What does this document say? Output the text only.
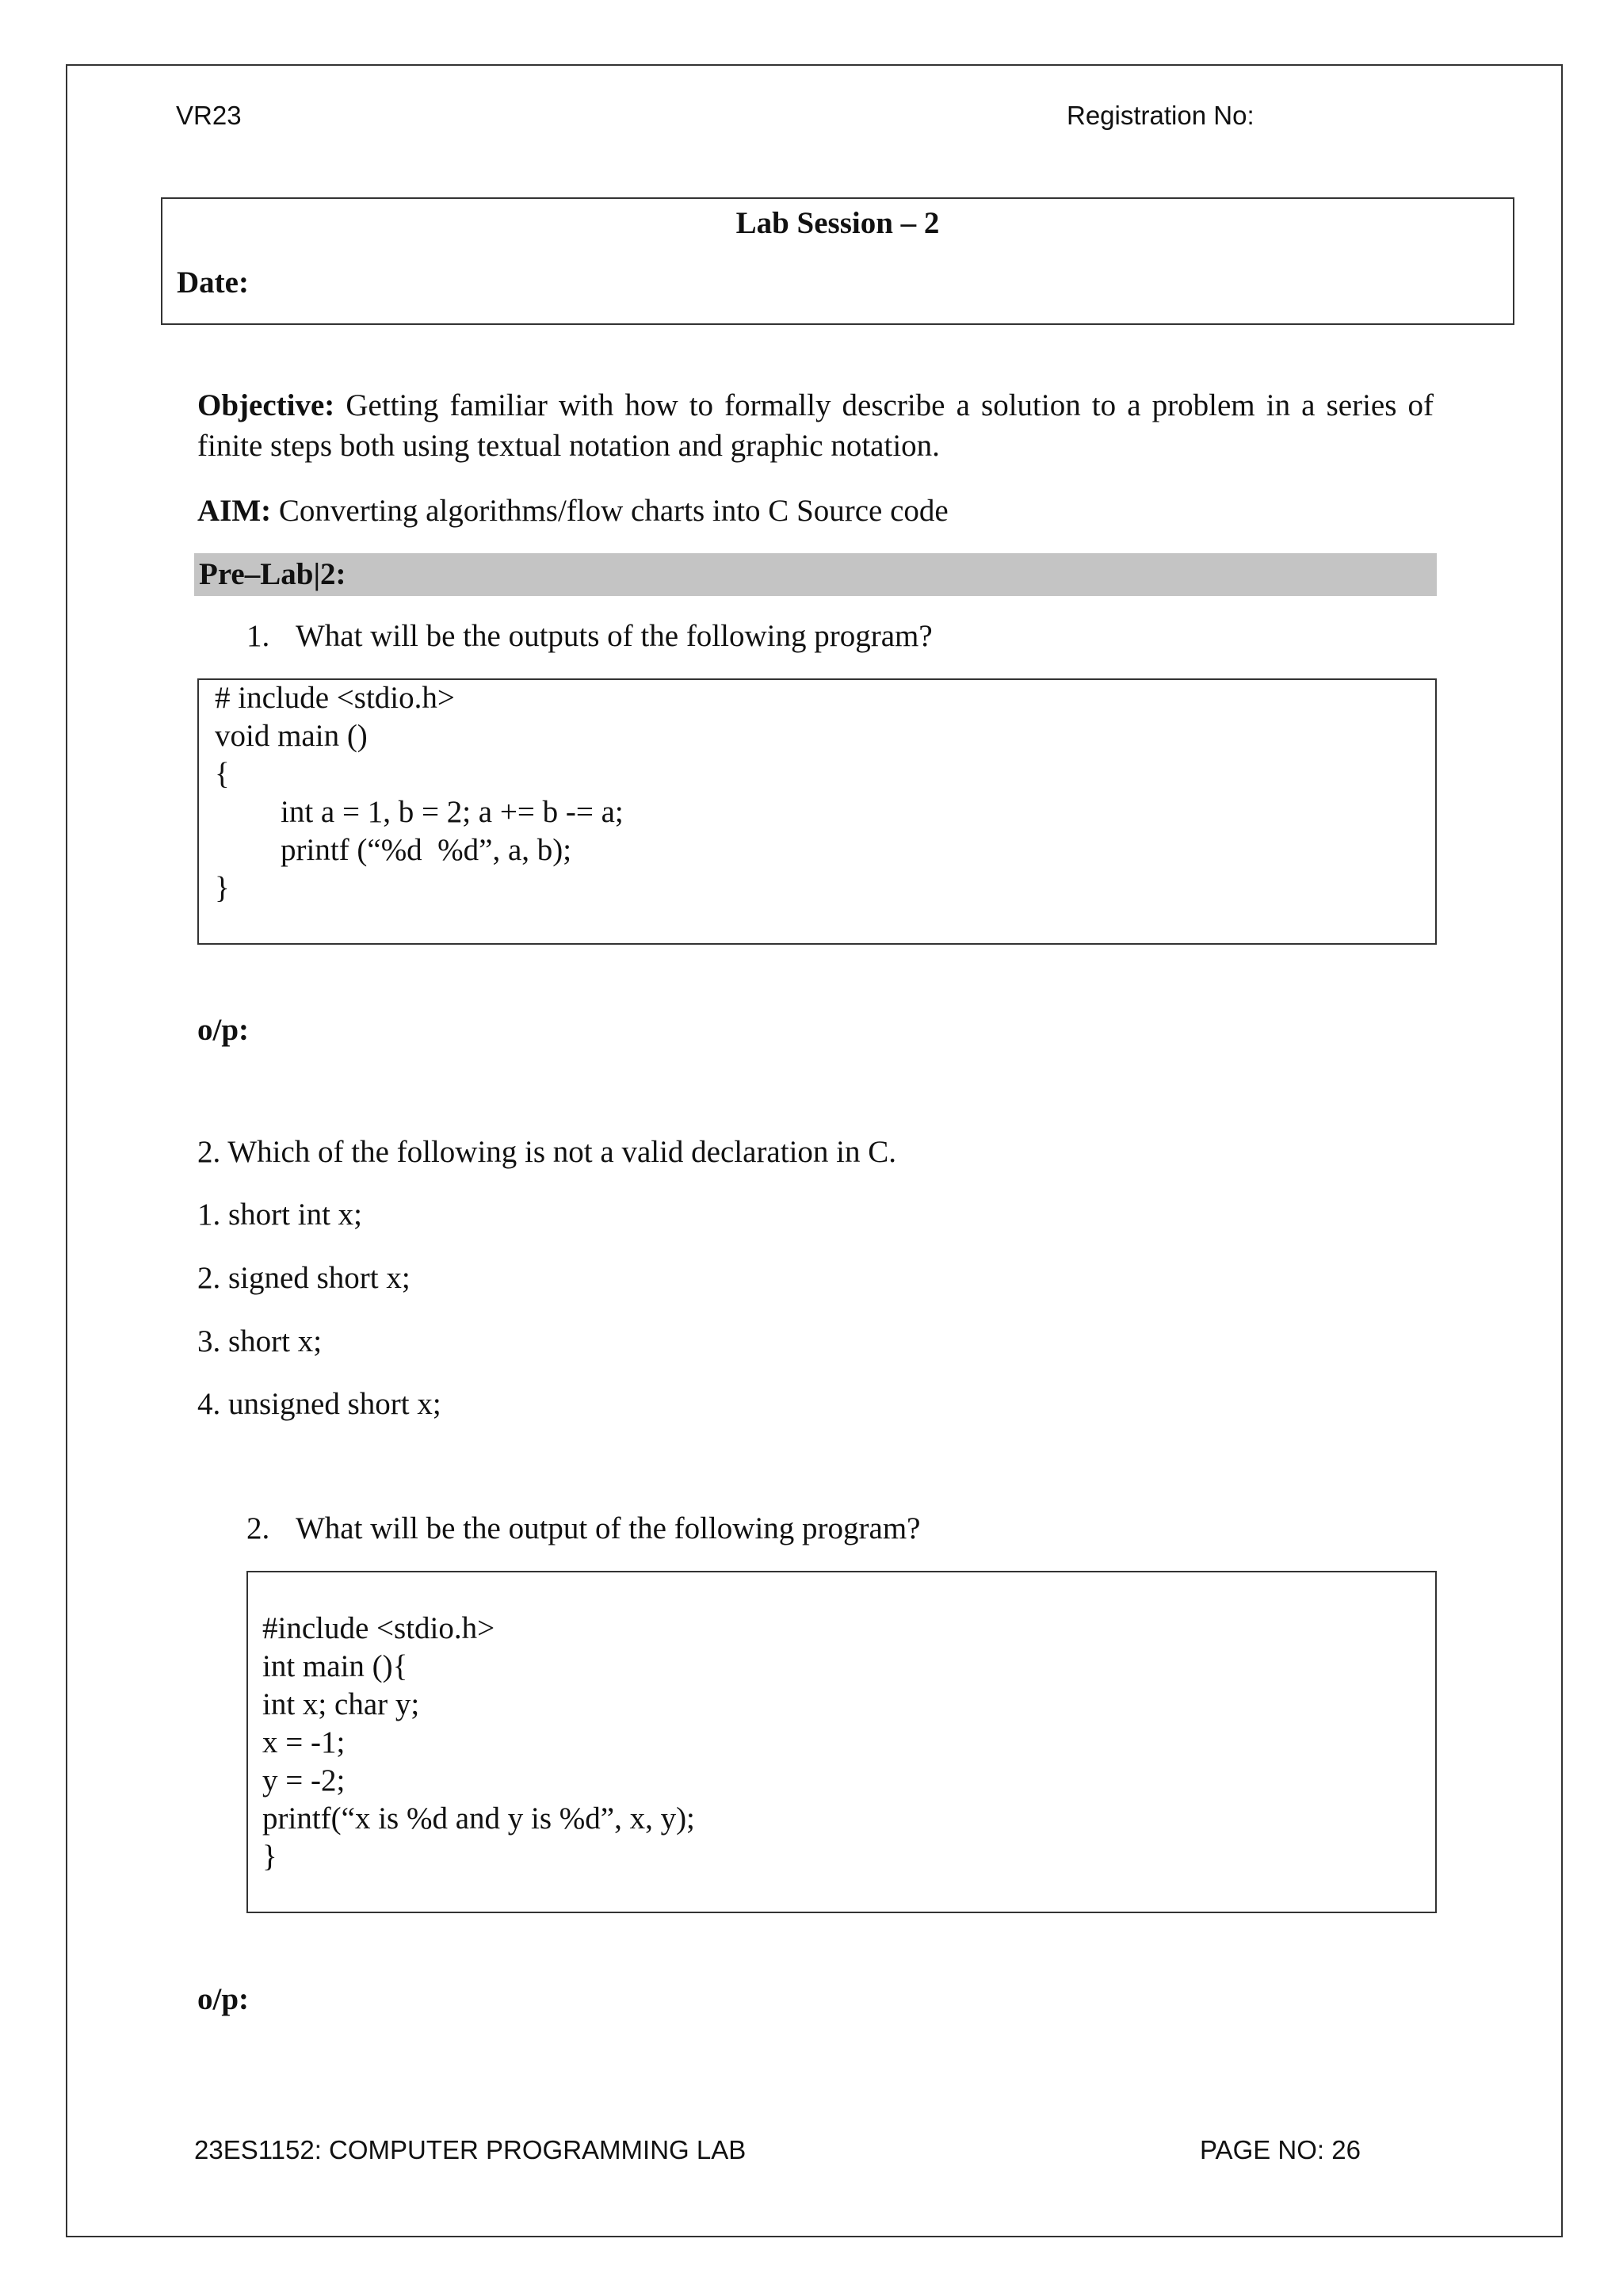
VR23	Registration No:
Lab Session – 2
Date:
Objective: Getting familiar with how to formally describe a solution to a problem in a series of finite steps both using textual notation and graphic notation.
AIM: Converting algorithms/flow charts into C Source code
Pre–Lab|2:
1. What will be the outputs of the following program?
# include <stdio.h>
void main ()
{
int a = 1, b = 2; a += b -= a;
printf (“%d  %d”, a, b);
}
o/p:
2. Which of the following is not a valid declaration in C.
1. short int x;
2. signed short x;
3. short x;
4. unsigned short x;
2. What will be the output of the following program?
#include <stdio.h>
int main (){
int x; char y;
x = -1;
y = -2;
printf(“x is %d and y is %d”, x, y);
}
o/p:
23ES1152: COMPUTER PROGRAMMING LAB	PAGE NO: 26
